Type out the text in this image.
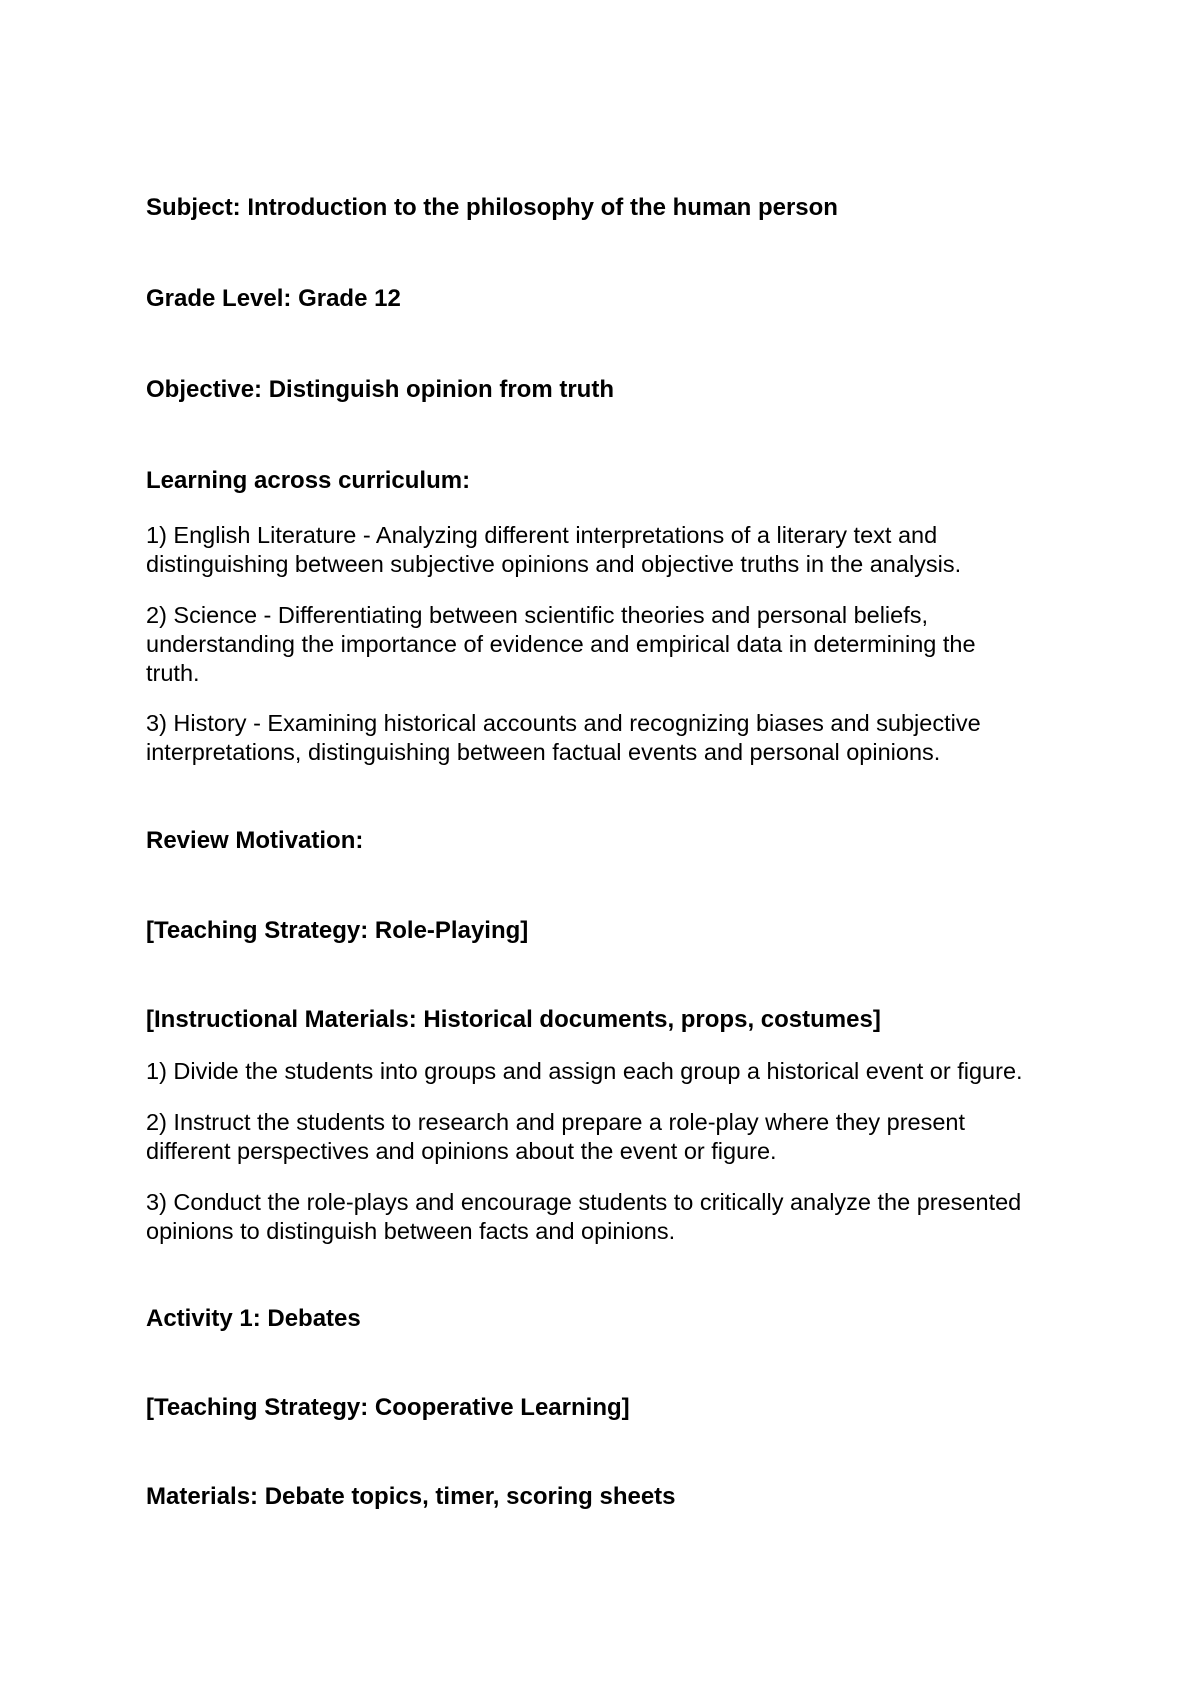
Subject: Introduction to the philosophy of the human person

Grade Level: Grade 12

Objective: Distinguish opinion from truth

Learning across curriculum:

1) English Literature - Analyzing different interpretations of a literary text and

distinguishing between subjective opinions and objective truths in the analysis.

2) Science - Differentiating between scientific theories and personal beliefs,

understanding the importance of evidence and empirical data in determining the

truth.

3) History - Examining historical accounts and recognizing biases and subjective

interpretations, distinguishing between factual events and personal opinions.

Review Motivation:

[Teaching Strategy: Role-Playing]

[Instructional Materials: Historical documents, props, costumes]

1) Divide the students into groups and assign each group a historical event or figure.

2) Instruct the students to research and prepare a role-play where they present

different perspectives and opinions about the event or figure.

3) Conduct the role-plays and encourage students to critically analyze the presented

opinions to distinguish between facts and opinions.

Activity 1: Debates

[Teaching Strategy: Cooperative Learning]

Materials: Debate topics, timer, scoring sheets
